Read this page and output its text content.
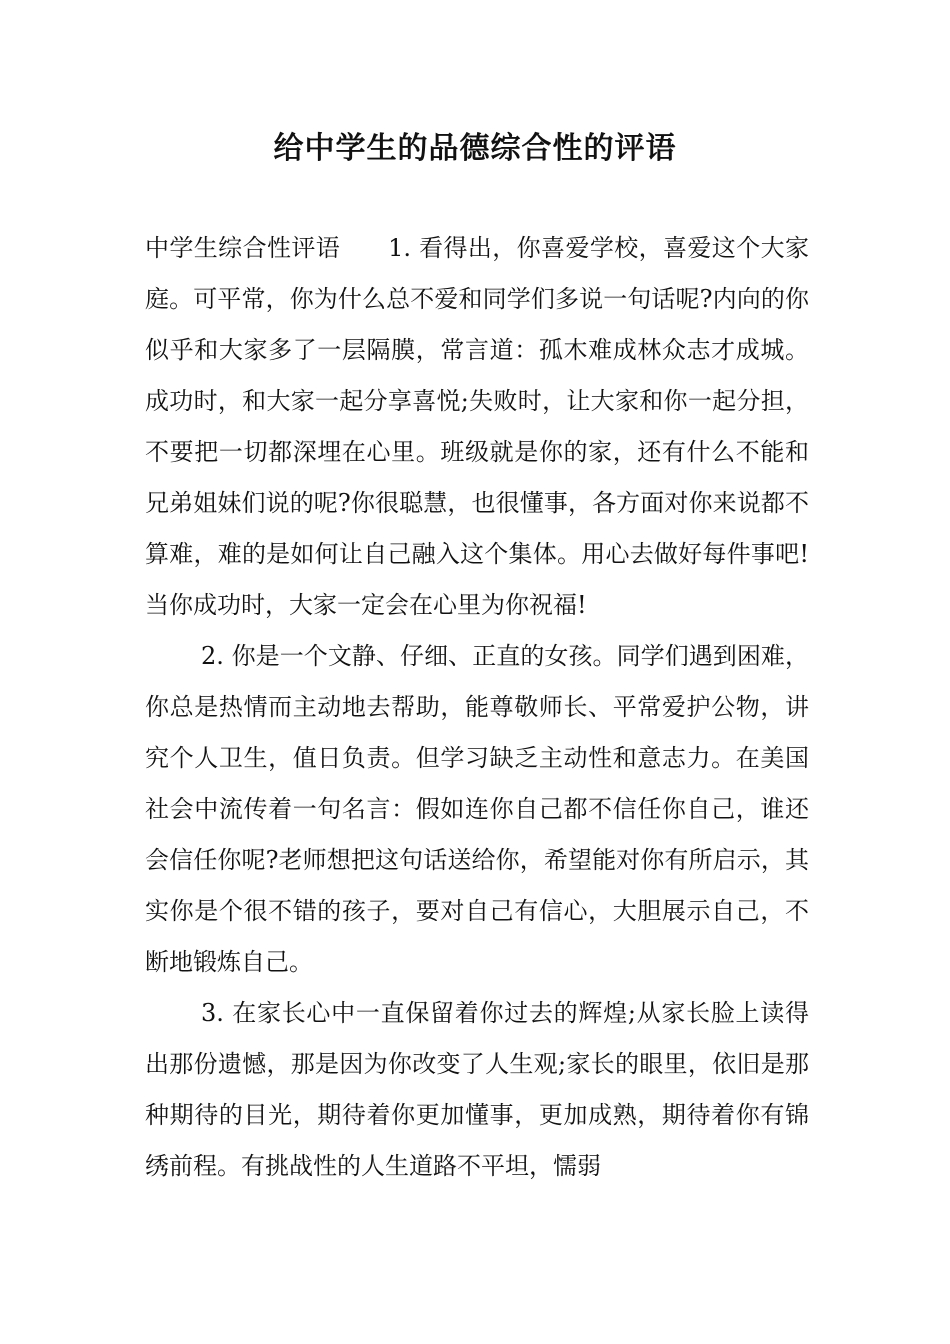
给中学生的品德综合性的评语

中学生综合性评语 1. 看得出，你喜爱学校，喜爱这个大家庭。可平常，你为什么总不爱和同学们多说一句话呢?内向的你似乎和大家多了一层隔膜，常言道：孤木难成林众志才成城。成功时，和大家一起分享喜悦;失败时，让大家和你一起分担，不要把一切都深埋在心里。班级就是你的家，还有什么不能和兄弟姐妹们说的呢?你很聪慧，也很懂事，各方面对你来说都不算难，难的是如何让自己融入这个集体。用心去做好每件事吧!当你成功时，大家一定会在心里为你祝福!

2. 你是一个文静、仔细、正直的女孩。同学们遇到困难，你总是热情而主动地去帮助，能尊敬师长、平常爱护公物，讲究个人卫生，值日负责。但学习缺乏主动性和意志力。在美国社会中流传着一句名言：假如连你自己都不信任你自己，谁还会信任你呢?老师想把这句话送给你，希望能对你有所启示，其实你是个很不错的孩子，要对自己有信心，大胆展示自己，不断地锻炼自己。

3. 在家长心中一直保留着你过去的辉煌;从家长脸上读得出那份遗憾，那是因为你改变了人生观;家长的眼里，依旧是那种期待的目光，期待着你更加懂事，更加成熟，期待着你有锦绣前程。有挑战性的人生道路不平坦，懦弱
